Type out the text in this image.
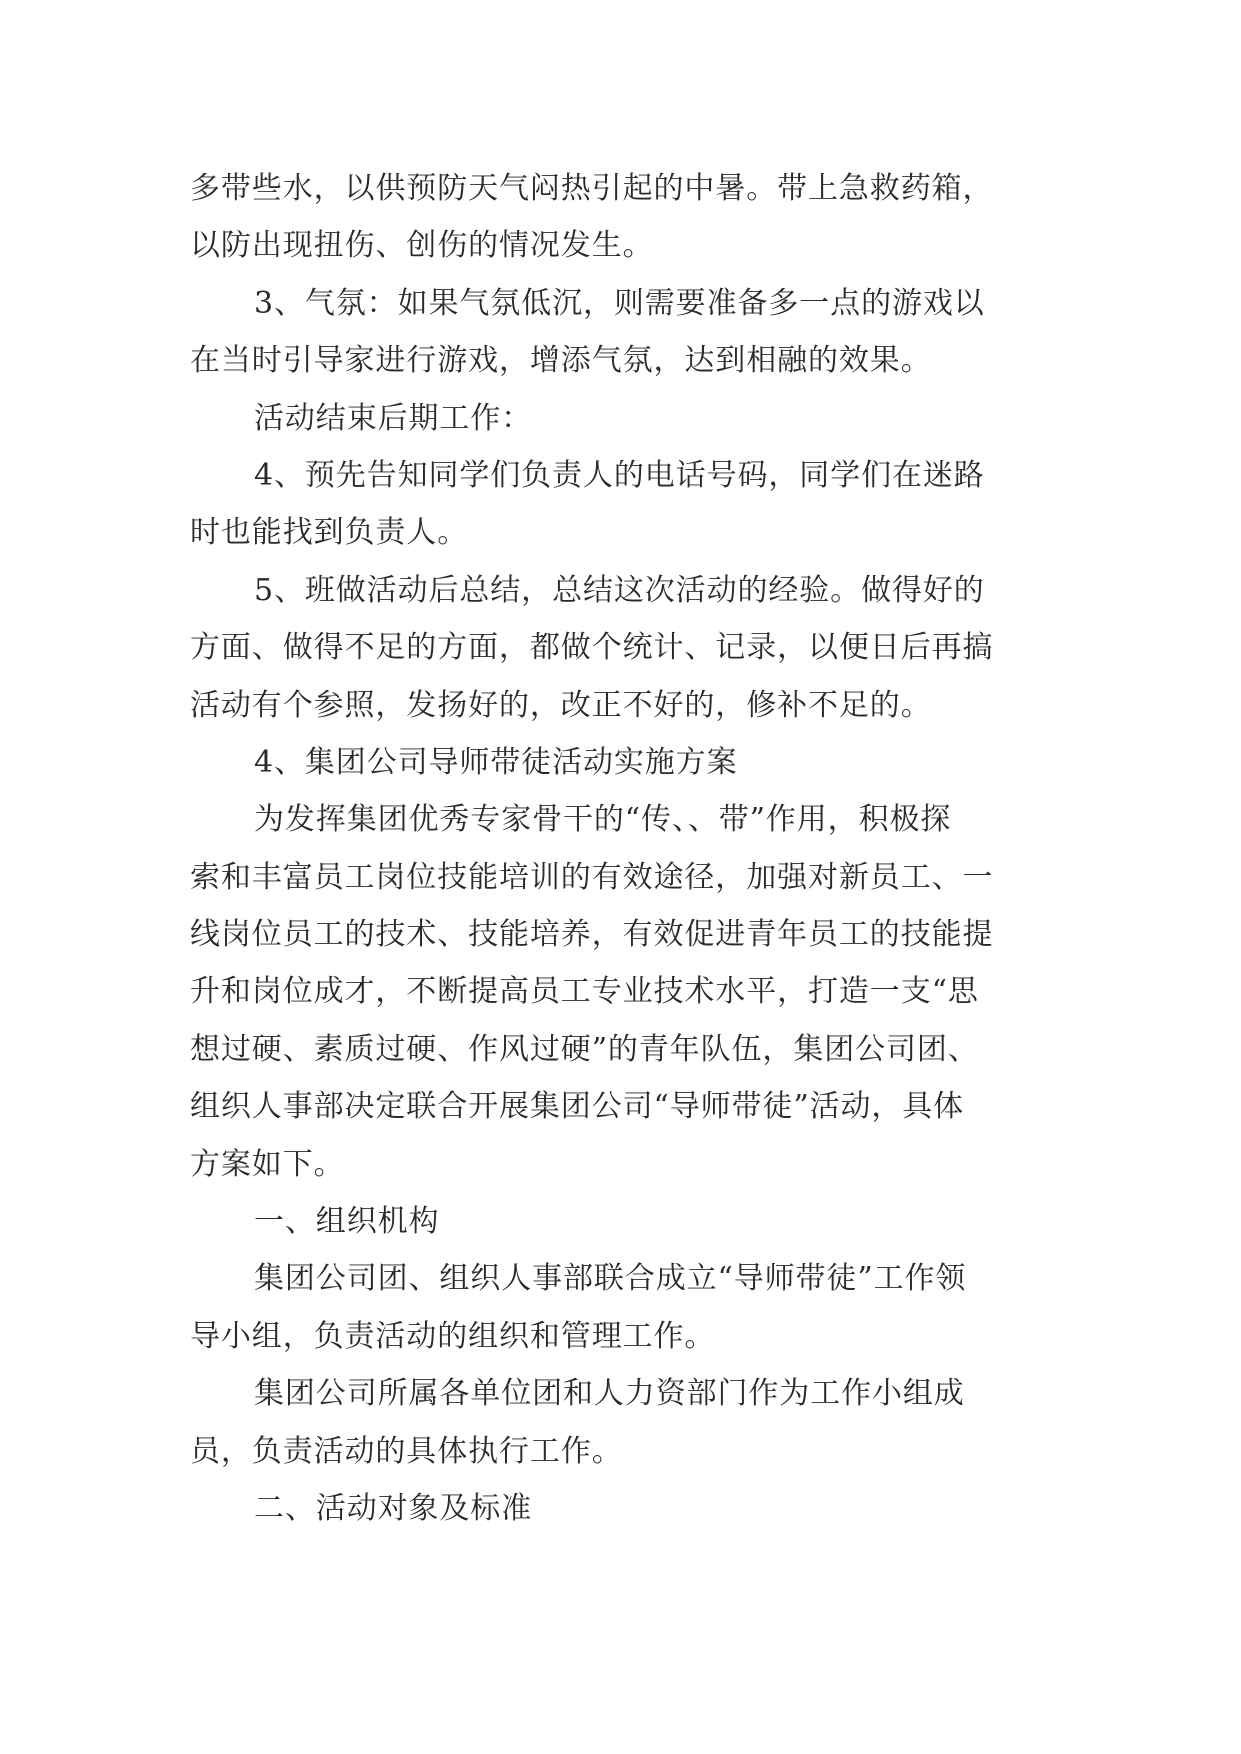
多带些水，以供预防天气闷热引起的中暑。带上急救药箱，
以防出现扭伤、创伤的情况发生。
3、气氛：如果气氛低沉，则需要准备多一点的游戏以
在当时引导家进行游戏，增添气氛，达到相融的效果。
活动结束后期工作：
4、预先告知同学们负责人的电话号码，同学们在迷路
时也能找到负责人。
5、班做活动后总结，总结这次活动的经验。做得好的
方面、做得不足的方面，都做个统计、记录，以便日后再搞
活动有个参照，发扬好的，改正不好的，修补不足的。
4、集团公司导师带徒活动实施方案
为发挥集团优秀专家骨干的“传、、带”作用，积极探
索和丰富员工岗位技能培训的有效途径，加强对新员工、一
线岗位员工的技术、技能培养，有效促进青年员工的技能提
升和岗位成才，不断提高员工专业技术水平，打造一支“思
想过硬、素质过硬、作风过硬”的青年队伍，集团公司团、
组织人事部决定联合开展集团公司“导师带徒”活动，具体
方案如下。
一、组织机构
集团公司团、组织人事部联合成立“导师带徒”工作领
导小组，负责活动的组织和管理工作。
集团公司所属各单位团和人力资部门作为工作小组成
员，负责活动的具体执行工作。
二、活动对象及标准
